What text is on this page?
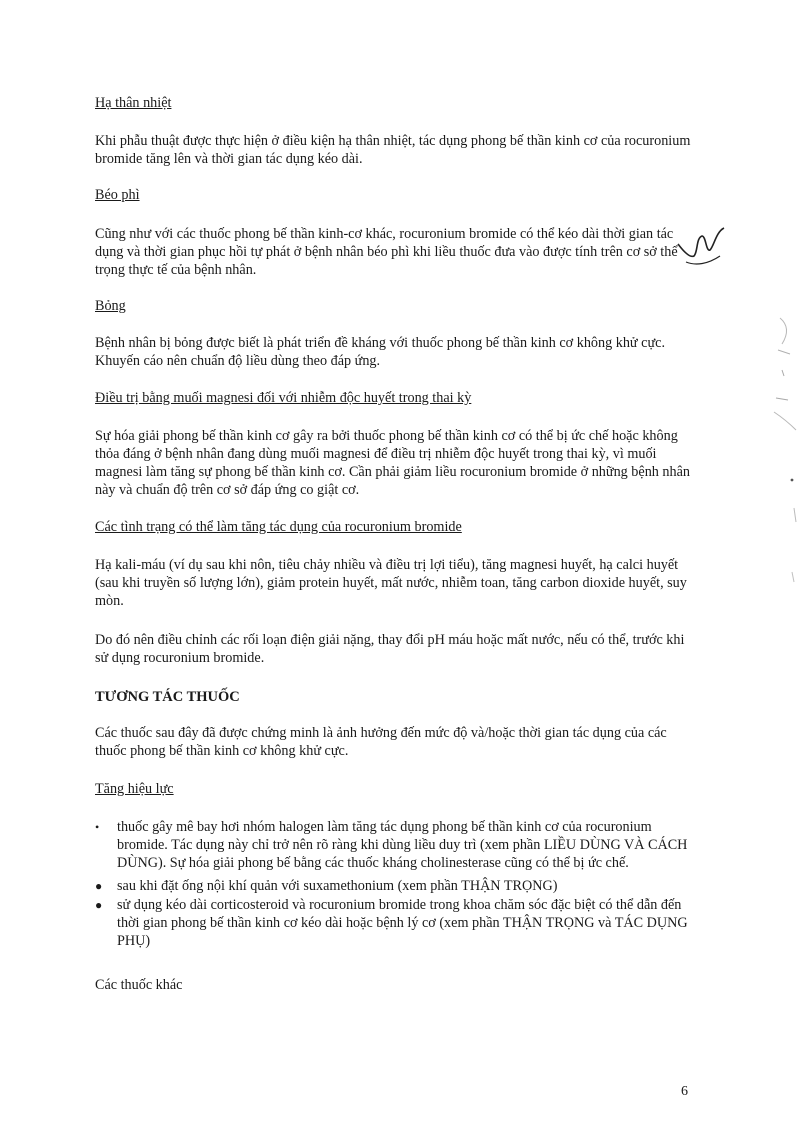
Hạ thân nhiệt

Khi phẫu thuật được thực hiện ở điều kiện hạ thân nhiệt, tác dụng phong bế thần kinh cơ của rocuronium bromide tăng lên và thời gian tác dụng kéo dài.

Béo phì

Cũng như với các thuốc phong bế thần kinh-cơ khác, rocuronium bromide có thể kéo dài thời gian tác dụng và thời gian phục hồi tự phát ở bệnh nhân béo phì khi liều thuốc đưa vào được tính trên cơ sở thể trọng thực tế của bệnh nhân.

Bỏng

Bệnh nhân bị bỏng được biết là phát triển đề kháng với thuốc phong bế thần kinh cơ không khử cực. Khuyến cáo nên chuẩn độ liều dùng theo đáp ứng.

Điều trị bằng muối magnesi đối với nhiễm độc huyết trong thai kỳ

Sự hóa giải phong bế thần kinh cơ gây ra bởi thuốc phong bế thần kinh cơ có thể bị ức chế hoặc không thỏa đáng ở bệnh nhân đang dùng muối magnesi để điều trị nhiễm độc huyết trong thai kỳ, vì muối magnesi làm tăng sự phong bế thần kinh cơ. Cần phải giảm liều rocuronium bromide ở những bệnh nhân này và chuẩn độ trên cơ sở đáp ứng co giật cơ.

Các tình trạng có thể làm tăng tác dụng của rocuronium bromide

Hạ kali-máu (ví dụ sau khi nôn, tiêu chảy nhiều và điều trị lợi tiểu), tăng magnesi huyết, hạ calci huyết (sau khi truyền số lượng lớn), giảm protein huyết, mất nước, nhiễm toan, tăng carbon dioxide huyết, suy mòn.

Do đó nên điều chỉnh các rối loạn điện giải nặng, thay đổi pH máu hoặc mất nước, nếu có thể, trước khi sử dụng rocuronium bromide.

TƯƠNG TÁC THUỐC

Các thuốc sau đây đã được chứng minh là ảnh hưởng đến mức độ và/hoặc thời gian tác dụng của các thuốc phong bế thần kinh cơ không khử cực.

Tăng hiệu lực

• thuốc gây mê bay hơi nhóm halogen làm tăng tác dụng phong bế thần kinh cơ của rocuronium bromide. Tác dụng này chỉ trở nên rõ ràng khi dùng liều duy trì (xem phần LIỀU DÙNG VÀ CÁCH DÙNG). Sự hóa giải phong bế bằng các thuốc kháng cholinesterase cũng có thể bị ức chế.
● sau khi đặt ống nội khí quản với suxamethonium (xem phần THẬN TRỌNG)
● sử dụng kéo dài corticosteroid và rocuronium bromide trong khoa chăm sóc đặc biệt có thể dẫn đến thời gian phong bế thần kinh cơ kéo dài hoặc bệnh lý cơ (xem phần THẬN TRỌNG và TÁC DỤNG PHỤ)

Các thuốc khác

6
